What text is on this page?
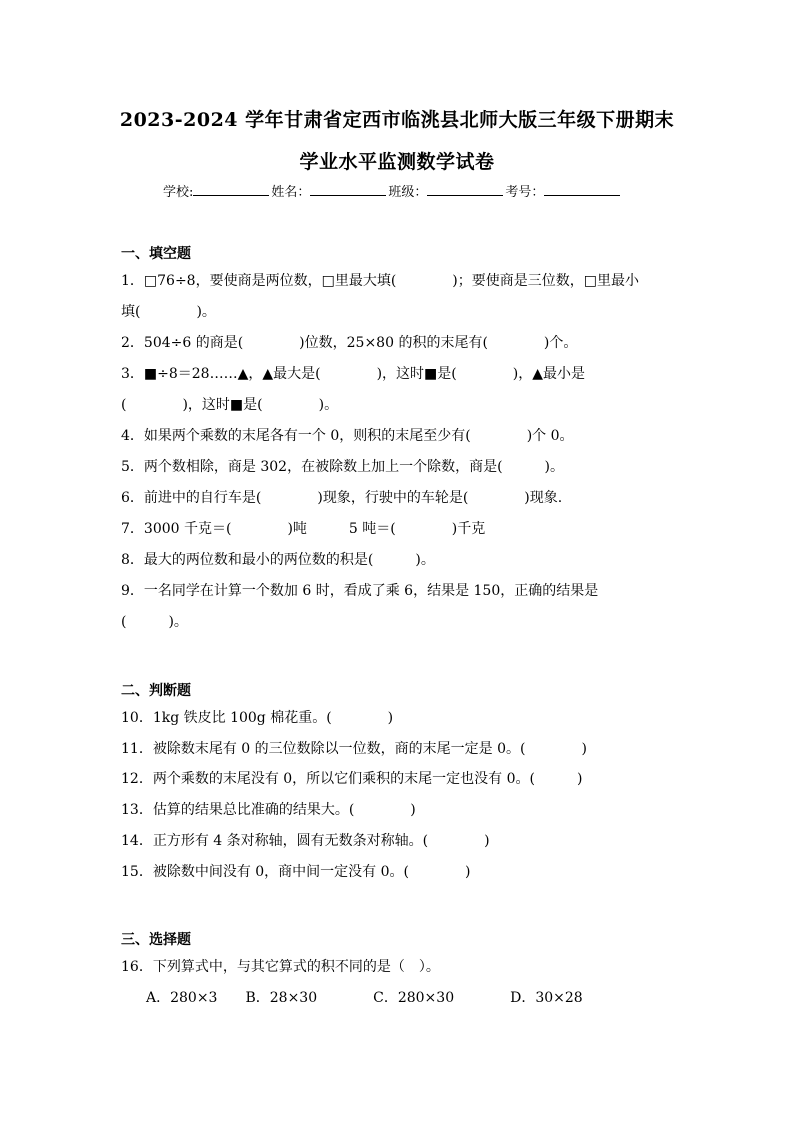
2023-2024 学年甘肃省定西市临洮县北师大版三年级下册期末
学业水平监测数学试卷
学校:	姓名：	班级：	考号：
一、填空题
1．□76÷8，要使商是两位数，□里最大填(　　　　)；要使商是三位数，□里最小
填(　　　　)。
2．504÷6 的商是(　　　　)位数，25×80 的积的末尾有(　　　　)个。
3．■÷8＝28……▲，▲最大是(　　　　)，这时■是(　　　　)，▲最小是
(　　　　)，这时■是(　　　　)。
4．如果两个乘数的末尾各有一个 0，则积的末尾至少有(　　　　)个 0。
5．两个数相除，商是 302，在被除数上加上一个除数，商是(　　　)。
6．前进中的自行车是(　　　　)现象，行驶中的车轮是(　　　　)现象.
7．3000 千克＝(　　　　)吨　　　5 吨＝(　　　　)千克
8．最大的两位数和最小的两位数的积是(　　　)。
9．一名同学在计算一个数加 6 时，看成了乘 6，结果是 150，正确的结果是
(　　　)。
二、判断题
10．1kg 铁皮比 100g 棉花重。(　　　　)
11．被除数末尾有 0 的三位数除以一位数，商的末尾一定是 0。(　　　　)
12．两个乘数的末尾没有 0，所以它们乘积的末尾一定也没有 0。(　　　)
13．估算的结果总比准确的结果大。(　　　　)
14．正方形有 4 条对称轴，圆有无数条对称轴。(　　　　)
15．被除数中间没有 0，商中间一定没有 0。(　　　　)
三、选择题
16．下列算式中，与其它算式的积不同的是（　）。
A．280×3　　B．28×30　　　　C．280×30　　　　D．30×28
